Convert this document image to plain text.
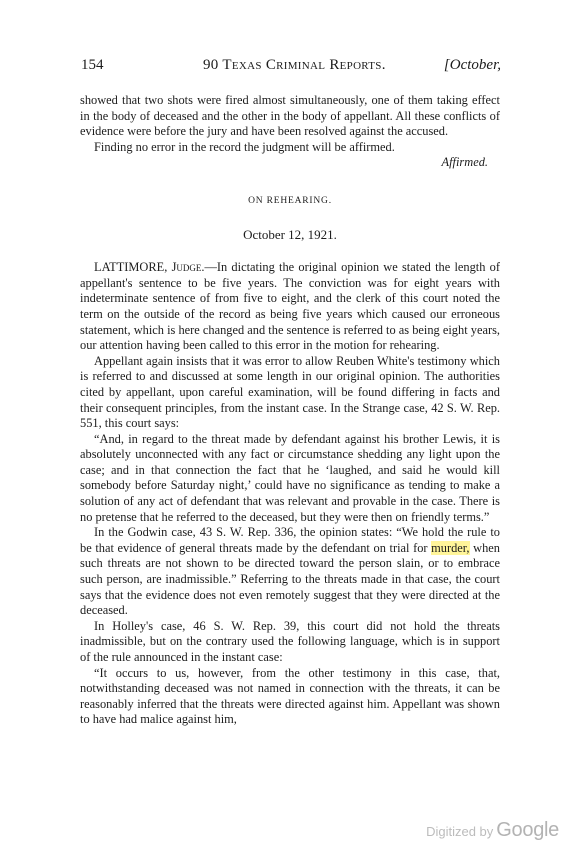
154	90 Texas Criminal Reports.	[October,

showed that two shots were fired almost simultaneously, one of them taking effect in the body of deceased and the other in the body of appellant. All these conflicts of evidence were before the jury and have been resolved against the accused.

Finding no error in the record the judgment will be affirmed.

Affirmed.
ON REHEARING.
October 12, 1921.

LATTIMORE, Judge.—In dictating the original opinion we stated the length of appellant's sentence to be five years. The conviction was for eight years with indeterminate sentence of from five to eight, and the clerk of this court noted the term on the outside of the record as being five years which caused our erroneous statement, which is here changed and the sentence is referred to as being eight years, our attention having been called to this error in the motion for rehearing.

Appellant again insists that it was error to allow Reuben White's testimony which is referred to and discussed at some length in our original opinion. The authorities cited by appellant, upon careful examination, will be found differing in facts and their consequent principles, from the instant case. In the Strange case, 42 S. W. Rep. 551, this court says:

“And, in regard to the threat made by defendant against his brother Lewis, it is absolutely unconnected with any fact or circumstance shedding any light upon the case; and in that connection the fact that he ‘laughed, and said he would kill somebody before Saturday night,’ could have no significance as tending to make a solution of any act of defendant that was relevant and provable in the case. There is no pretense that he referred to the deceased, but they were then on friendly terms.”

In the Godwin case, 43 S. W. Rep. 336, the opinion states: “We hold the rule to be that evidence of general threats made by the defendant on trial for murder, when such threats are not shown to be directed toward the person slain, or to embrace such person, are inadmissible.” Referring to the threats made in that case, the court says that the evidence does not even remotely suggest that they were directed at the deceased.

In Holley's case, 46 S. W. Rep. 39, this court did not hold the threats inadmissible, but on the contrary used the following language, which is in support of the rule announced in the instant case:

“It occurs to us, however, from the other testimony in this case, that, notwithstanding deceased was not named in connection with the threats, it can be reasonably inferred that the threats were directed against him. Appellant was shown to have had malice against him,

Digitized by Google
